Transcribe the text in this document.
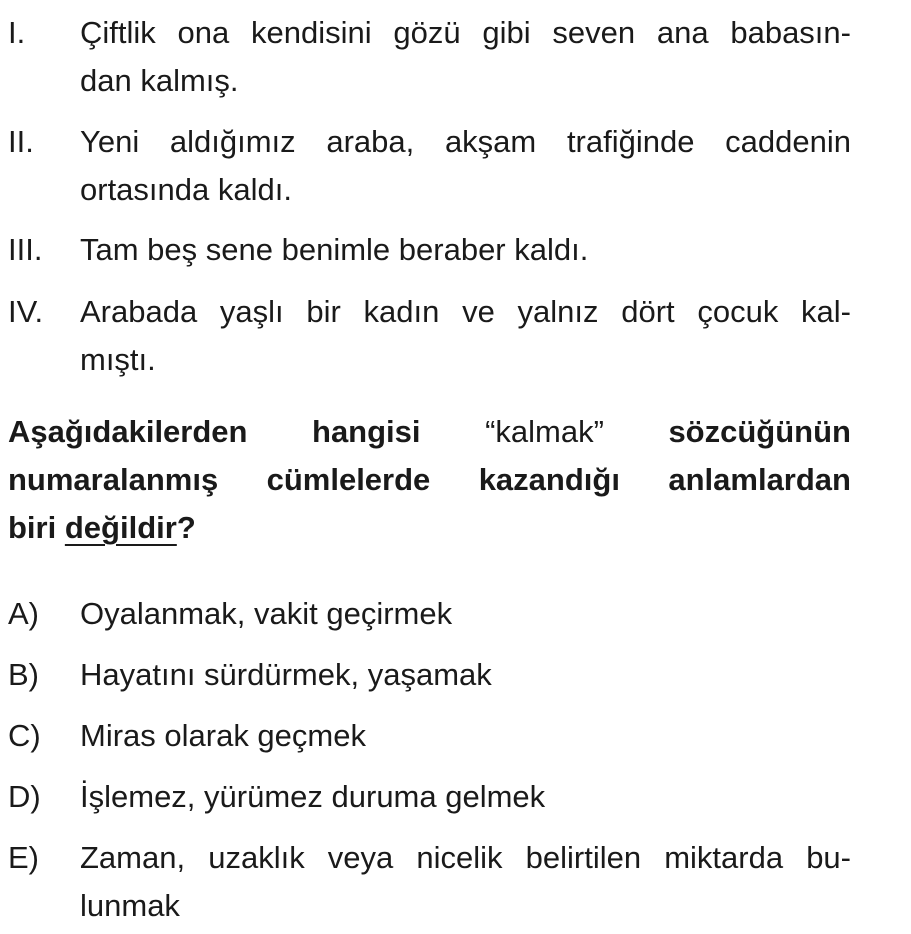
I. Çiftlik ona kendisini gözü gibi seven ana babasın-
dan kalmış.
II. Yeni aldığımız araba, akşam trafiğinde caddenin
ortasında kaldı.
III. Tam beş sene benimle beraber kaldı.
IV. Arabada yaşlı bir kadın ve yalnız dört çocuk kal-
mıştı.
Aşağıdakilerden hangisi “kalmak” sözcüğünün
numaralanmış cümlelerde kazandığı anlamlardan
biri değildir?
A) Oyalanmak, vakit geçirmek
B) Hayatını sürdürmek, yaşamak
C) Miras olarak geçmek
D) İşlemez, yürümez duruma gelmek
E) Zaman, uzaklık veya nicelik belirtilen miktarda bu-
lunmak
